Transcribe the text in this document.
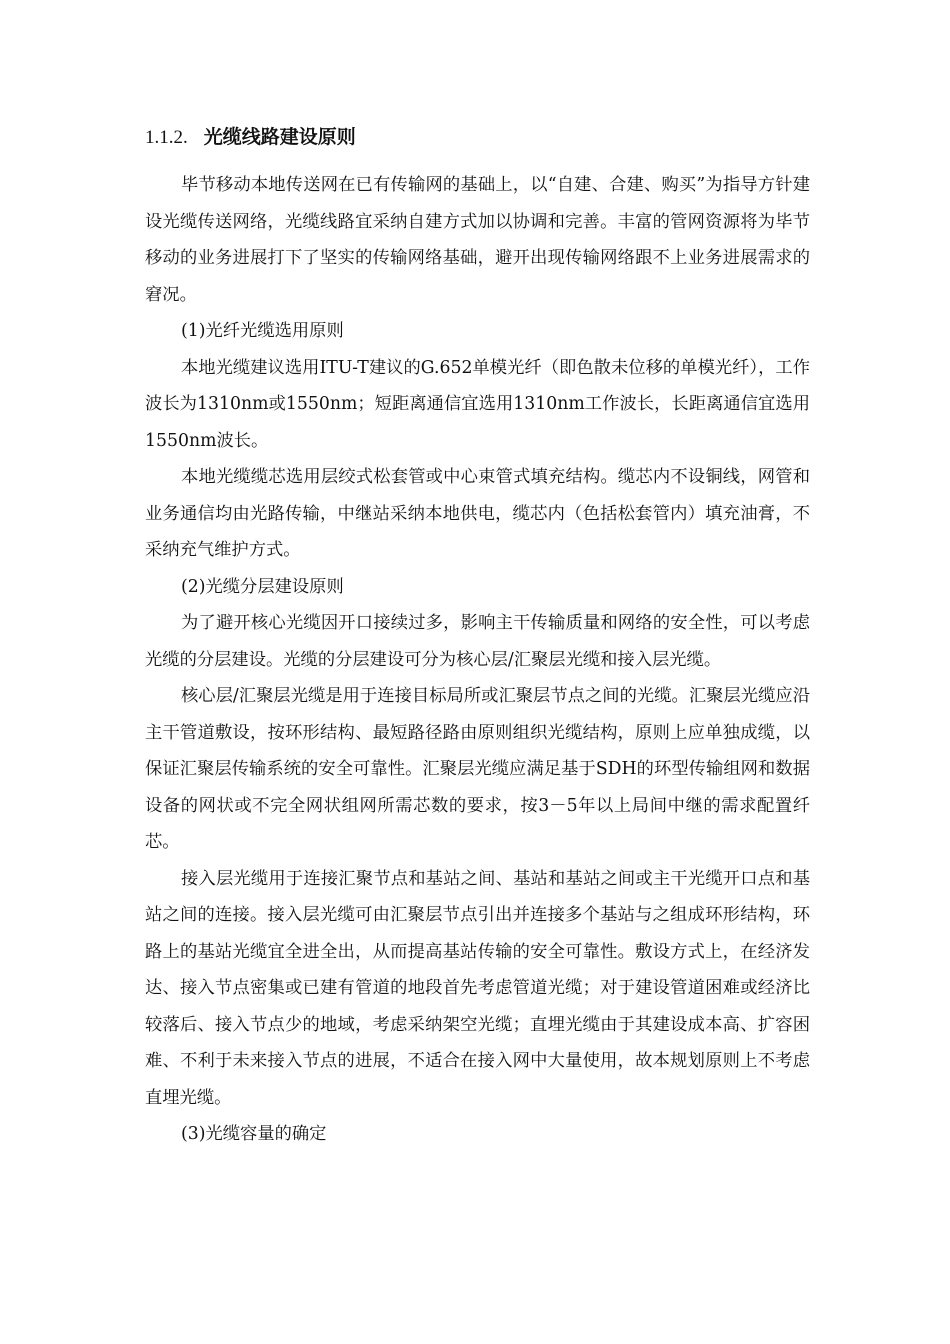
1.1.2. 光缆线路建设原则

毕节移动本地传送网在已有传输网的基础上，以“自建、合建、购买”为指导方针建设光缆传送网络，光缆线路宜采纳自建方式加以协调和完善。丰富的管网资源将为毕节移动的业务进展打下了坚实的传输网络基础，避开出现传输网络跟不上业务进展需求的窘况。

(1)光纤光缆选用原则

本地光缆建议选用ITU-T建议的G.652单模光纤（即色散未位移的单模光纤），工作波长为1310nm或1550nm；短距离通信宜选用1310nm工作波长，长距离通信宜选用1550nm波长。

本地光缆缆芯选用层绞式松套管或中心束管式填充结构。缆芯内不设铜线，网管和业务通信均由光路传输，中继站采纳本地供电，缆芯内（色括松套管内）填充油膏，不采纳充气维护方式。

(2)光缆分层建设原则

为了避开核心光缆因开口接续过多，影响主干传输质量和网络的安全性，可以考虑光缆的分层建设。光缆的分层建设可分为核心层/汇聚层光缆和接入层光缆。

核心层/汇聚层光缆是用于连接目标局所或汇聚层节点之间的光缆。汇聚层光缆应沿主干管道敷设，按环形结构、最短路径路由原则组织光缆结构，原则上应单独成缆，以保证汇聚层传输系统的安全可靠性。汇聚层光缆应满足基于SDH的环型传输组网和数据设备的网状或不完全网状组网所需芯数的要求，按3－5年以上局间中继的需求配置纤芯。

接入层光缆用于连接汇聚节点和基站之间、基站和基站之间或主干光缆开口点和基站之间的连接。接入层光缆可由汇聚层节点引出并连接多个基站与之组成环形结构，环路上的基站光缆宜全进全出，从而提高基站传输的安全可靠性。敷设方式上，在经济发达、接入节点密集或已建有管道的地段首先考虑管道光缆；对于建设管道困难或经济比较落后、接入节点少的地域，考虑采纳架空光缆；直埋光缆由于其建设成本高、扩容困难、不利于未来接入节点的进展，不适合在接入网中大量使用，故本规划原则上不考虑直埋光缆。

(3)光缆容量的确定
